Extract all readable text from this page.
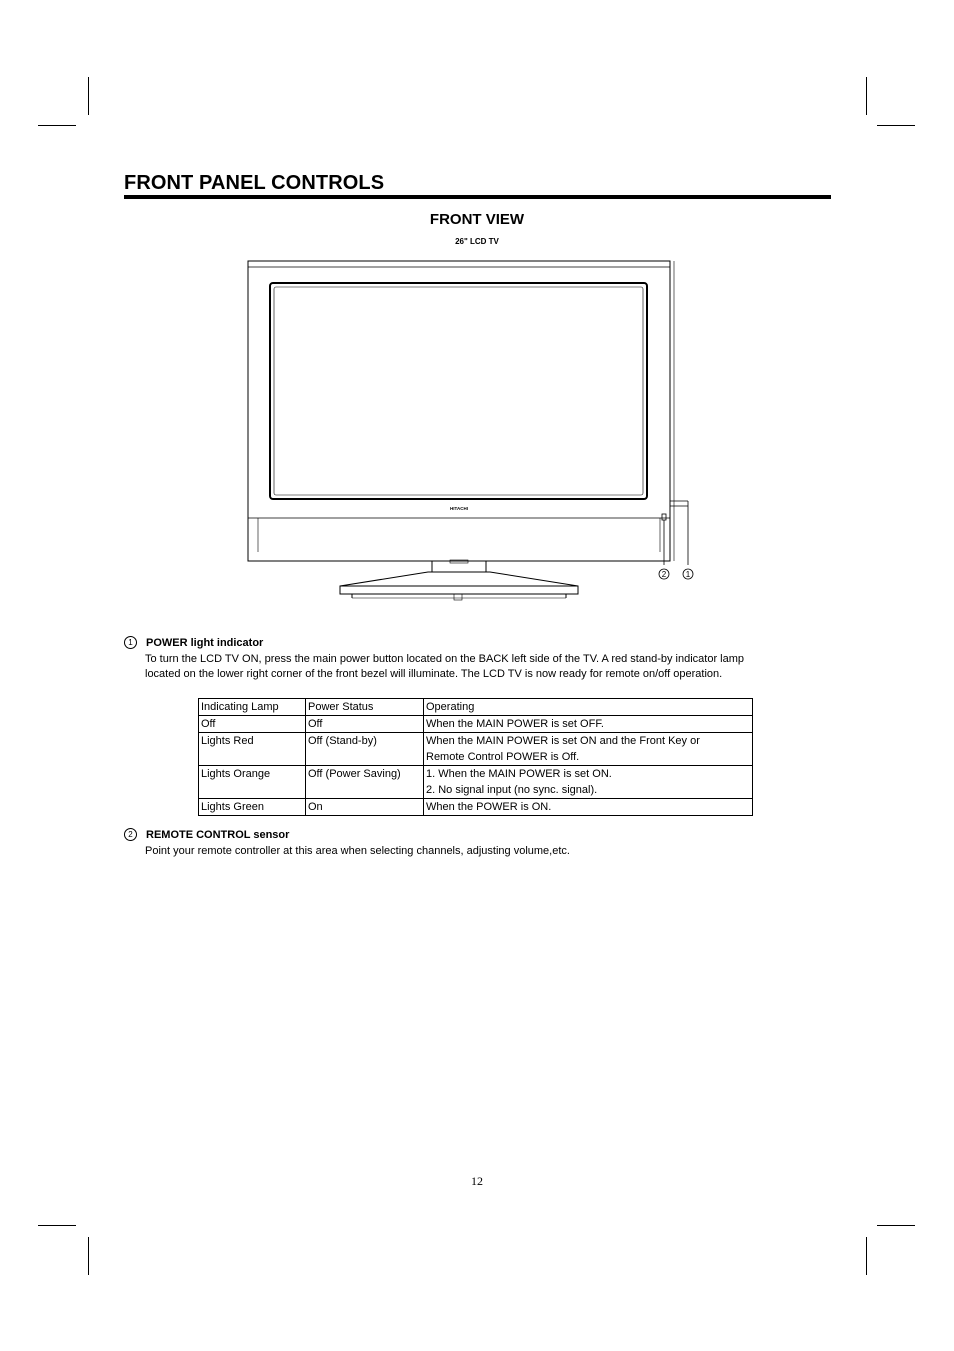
FRONT PANEL CONTROLS
FRONT VIEW
26" LCD TV
HITACHI
2 1
1	POWER light indicator
To turn the LCD TV ON, press the main power button located on the BACK left side of the TV. A red stand-by indicator lamp
located on the lower right corner of the front bezel will illuminate. The LCD TV is now ready for remote on/off operation.
Indicating Lamp	Power Status	Operating
Off	Off	When the MAIN POWER is set OFF.
Lights Red	Off (Stand-by)	When the MAIN POWER is set ON and the Front Key or
Remote Control POWER is Off.

Lights Orange	Off (Power Saving)	1. When the MAIN POWER is set ON.
2. No signal input (no sync. signal).

Lights Green	On	When the POWER is ON.
2	REMOTE CONTROL sensor
Point your remote controller at this area when selecting channels, adjusting volume,etc.
12
